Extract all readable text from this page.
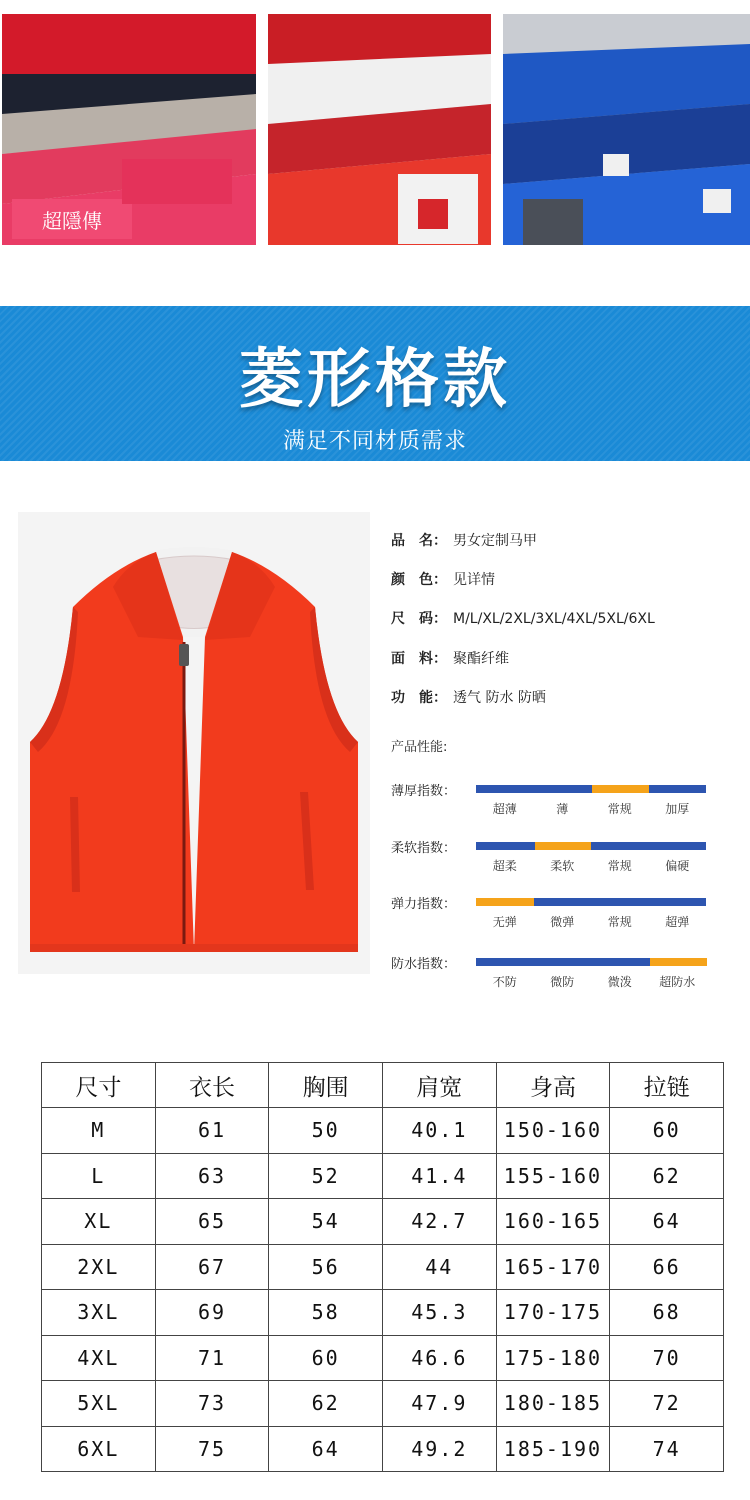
超隱傳
菱形格款
满足不同材质需求
品 名： 男女定制马甲
颜 色： 见详情
尺 码： M/L/XL/2XL/3XL/4XL/5XL/6XL
面 料： 聚酯纤维
功 能： 透气 防水 防晒
产品性能:
薄厚指数：
超薄	薄	常规	加厚
柔软指数：
超柔	柔软	常规	偏硬
弹力指数：
无弹	微弹	常规	超弹
防水指数：
不防	微防	微泼	超防水
尺寸	衣长	胸围	肩宽	身高	拉链
M	61	50	40.1	150-160	60
L	63	52	41.4	155-160	62
XL	65	54	42.7	160-165	64
2XL	67	56	44	165-170	66
3XL	69	58	45.3	170-175	68
4XL	71	60	46.6	175-180	70
5XL	73	62	47.9	180-185	72
6XL	75	64	49.2	185-190	74
